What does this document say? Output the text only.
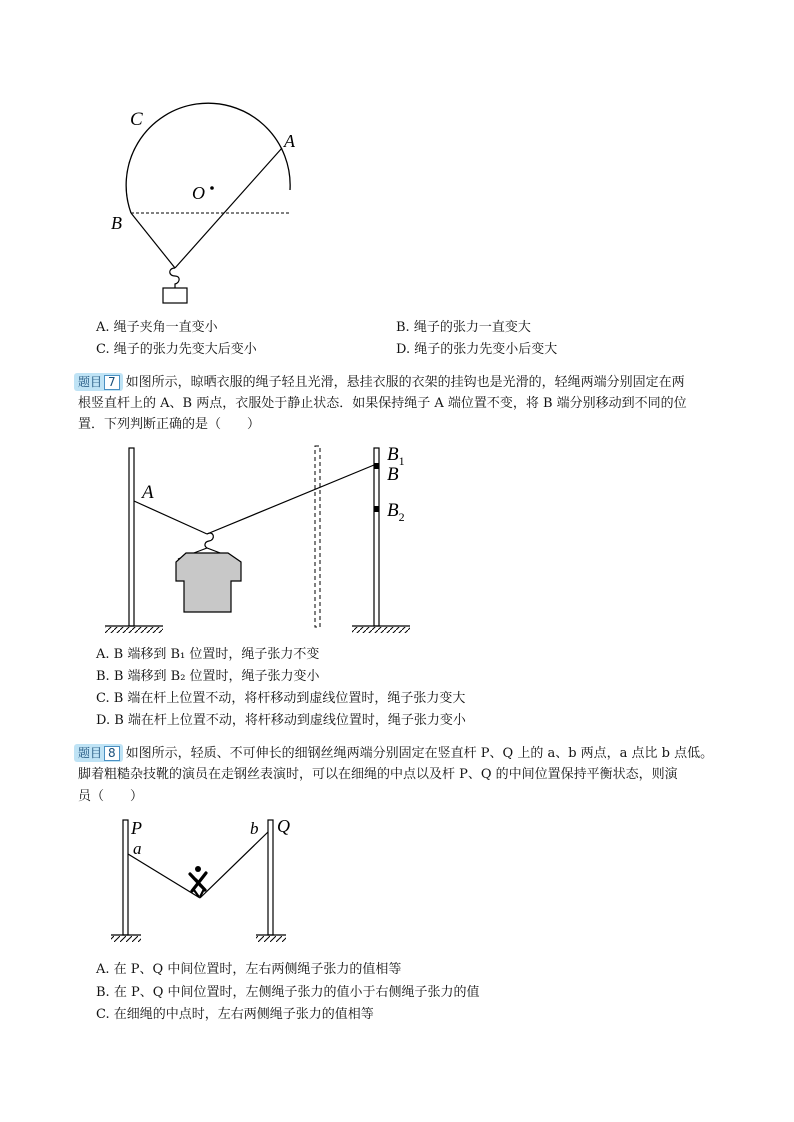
C
A
O
B
A. 绳子夹角一直变小	B. 绳子的张力一直变大
C. 绳子的张力先变大后变小	D. 绳子的张力先变小后变大
题目 7 如图所示，晾晒衣服的绳子轻且光滑，悬挂衣服的衣架的挂钩也是光滑的，轻绳两端分别固定在两
根竖直杆上的 A、B 两点，衣服处于静止状态．如果保持绳子 A 端位置不变，将 B 端分别移动到不同的位
置．下列判断正确的是（　　）
A
$B_1$
B
$B_2$
A. B 端移到 B₁ 位置时，绳子张力不变
B. B 端移到 B₂ 位置时，绳子张力变小
C. B 端在杆上位置不动，将杆移动到虚线位置时，绳子张力变大
D. B 端在杆上位置不动，将杆移动到虚线位置时，绳子张力变小
题目 8 如图所示，轻质、不可伸长的细钢丝绳两端分别固定在竖直杆 P、Q 上的 a、b 两点，a 点比 b 点低。
脚着粗糙杂技靴的演员在走钢丝表演时，可以在细绳的中点以及杆 P、Q 的中间位置保持平衡状态，则演
员（　　）
P
a
b Q
A. 在 P、Q 中间位置时，左右两侧绳子张力的值相等
B. 在 P、Q 中间位置时，左侧绳子张力的值小于右侧绳子张力的值
C. 在细绳的中点时，左右两侧绳子张力的值相等
